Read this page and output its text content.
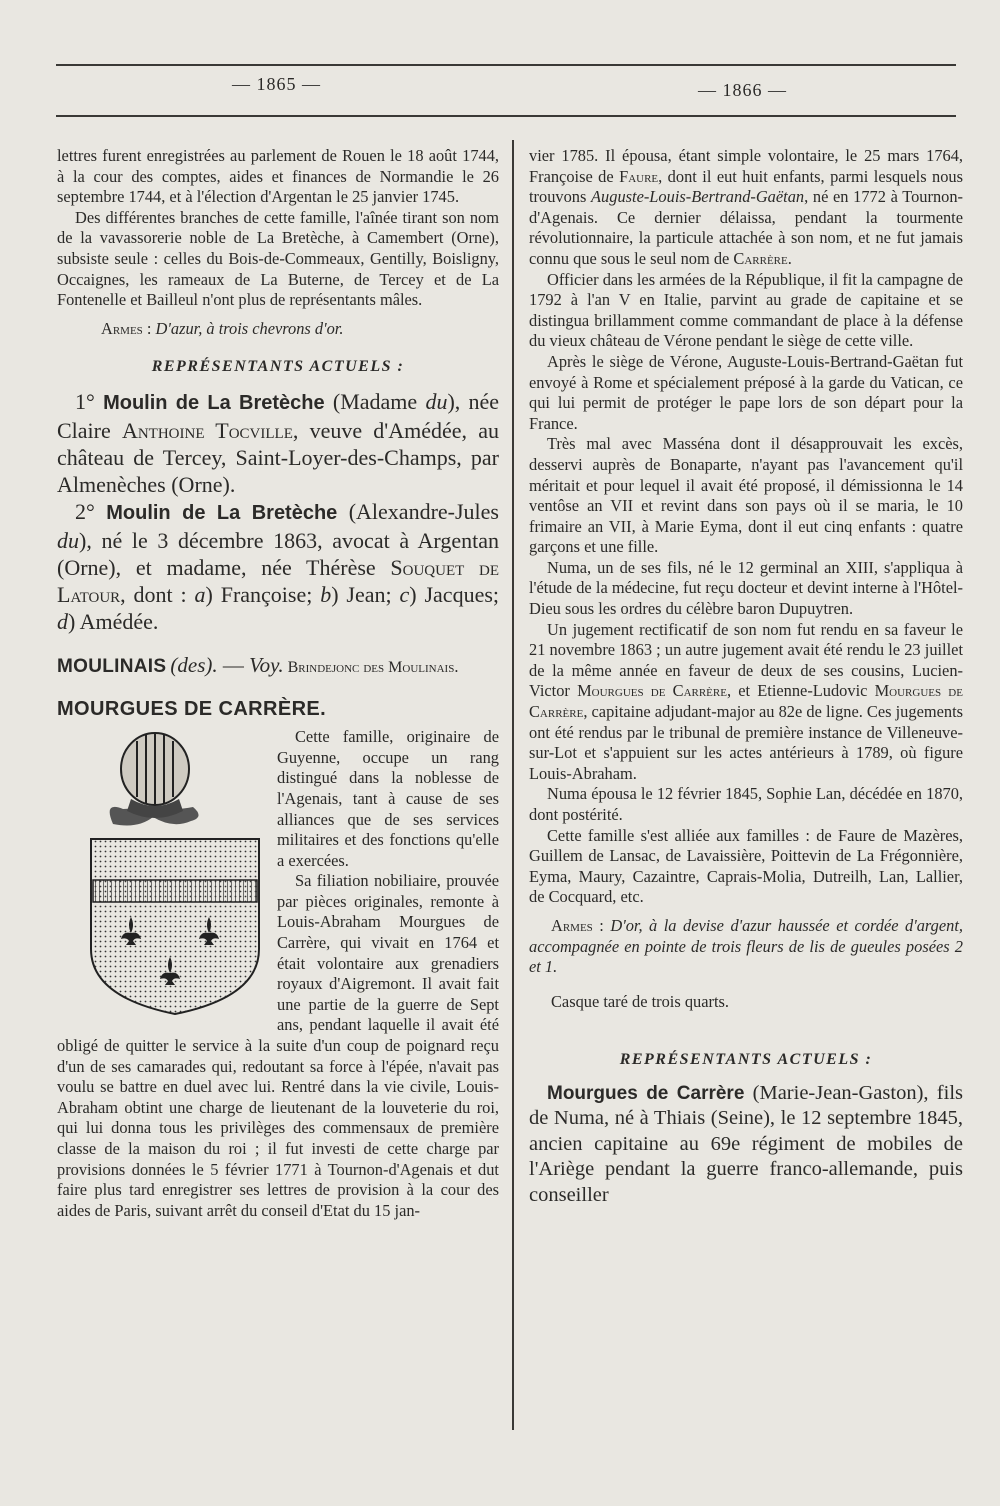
— 1865 —	— 1866 —

lettres furent enregistrées au parlement de Rouen le 18 août 1744, à la cour des comptes, aides et finances de Normandie le 26 septembre 1744, et à l'élection d'Argentan le 25 janvier 1745.

Des différentes branches de cette famille, l'aînée tirant son nom de la vavassorerie noble de La Bretèche, à Camembert (Orne), subsiste seule : celles du Bois-de-Commeaux, Gentilly, Boisligny, Occaignes, les rameaux de La Buterne, de Tercey et de La Fontenelle et Bailleul n'ont plus de représentants mâles.

Armes : D'azur, à trois chevrons d'or.

REPRÉSENTANTS ACTUELS :

1° Moulin de La Bretèche (Madame du), née Claire Anthoine Tocville, veuve d'Amédée, au château de Tercey, Saint-Loyer-des-Champs, par Almenèches (Orne).

2° Moulin de La Bretèche (Alexandre-Jules du), né le 3 décembre 1863, avocat à Argentan (Orne), et madame, née Thérèse Souquet de Latour, dont : a) Françoise; b) Jean; c) Jacques; d) Amédée.

MOULINAIS (des). — Voy. Brindejonc des Moulinais.

MOURGUES DE CARRÈRE.

Cette famille, originaire de Guyenne, occupe un rang distingué dans la noblesse de l'Agenais, tant à cause de ses alliances que de ses services militaires et des fonctions qu'elle a exercées.

Sa filiation nobiliaire, prouvée par pièces originales, remonte à Louis-Abraham Mourgues de Carrère, qui vivait en 1764 et était volontaire aux grenadiers royaux d'Aigremont. Il avait fait une partie de la guerre de Sept ans, pendant laquelle il avait été obligé de quitter le service à la suite d'un coup de poignard reçu d'un de ses camarades qui, redoutant sa force à l'épée, n'avait pas voulu se battre en duel avec lui. Rentré dans la vie civile, Louis-Abraham obtint une charge de lieutenant de la louveterie du roi, qui lui donna tous les privilèges des commensaux de première classe de la maison du roi ; il fut investi de cette charge par provisions données le 5 février 1771 à Tournon-d'Agenais et dut faire plus tard enregistrer ses lettres de provision à la cour des aides de Paris, suivant arrêt du conseil d'Etat du 15 jan-

vier 1785. Il épousa, étant simple volontaire, le 25 mars 1764, Françoise de Faure, dont il eut huit enfants, parmi lesquels nous trouvons Auguste-Louis-Bertrand-Gaëtan, né en 1772 à Tournon-d'Agenais. Ce dernier délaissa, pendant la tourmente révolutionnaire, la particule attachée à son nom, et ne fut jamais connu que sous le seul nom de Carrère.

Officier dans les armées de la République, il fit la campagne de 1792 à l'an V en Italie, parvint au grade de capitaine et se distingua brillamment comme commandant de place à la défense du vieux château de Vérone pendant le siège de cette ville.

Après le siège de Vérone, Auguste-Louis-Bertrand-Gaëtan fut envoyé à Rome et spécialement préposé à la garde du Vatican, ce qui lui permit de protéger le pape lors de son départ pour la France.

Très mal avec Masséna dont il désapprouvait les excès, desservi auprès de Bonaparte, n'ayant pas l'avancement qu'il méritait et pour lequel il avait été proposé, il démissionna le 14 ventôse an VII et revint dans son pays où il se maria, le 10 frimaire an VII, à Marie Eyma, dont il eut cinq enfants : quatre garçons et une fille.

Numa, un de ses fils, né le 12 germinal an XIII, s'appliqua à l'étude de la médecine, fut reçu docteur et devint interne à l'Hôtel-Dieu sous les ordres du célèbre baron Dupuytren.

Un jugement rectificatif de son nom fut rendu en sa faveur le 21 novembre 1863 ; un autre jugement avait été rendu le 23 juillet de la même année en faveur de deux de ses cousins, Lucien-Victor Mourgues de Carrère, et Etienne-Ludovic Mourgues de Carrère, capitaine adjudant-major au 82e de ligne. Ces jugements ont été rendus par le tribunal de première instance de Villeneuve-sur-Lot et s'appuient sur les actes antérieurs à 1789, où figure Louis-Abraham.

Numa épousa le 12 février 1845, Sophie Lan, décédée en 1870, dont postérité.

Cette famille s'est alliée aux familles : de Faure de Mazères, Guillem de Lansac, de Lavaissière, Poittevin de La Frégonnière, Eyma, Maury, Cazaintre, Caprais-Molia, Dutreilh, Lan, Lallier, de Cocquard, etc.

Armes : D'or, à la devise d'azur haussée et cordée d'argent, accompagnée en pointe de trois fleurs de lis de gueules posées 2 et 1.

Casque taré de trois quarts.

REPRÉSENTANTS ACTUELS :

Mourgues de Carrère (Marie-Jean-Gaston), fils de Numa, né à Thiais (Seine), le 12 septembre 1845, ancien capitaine au 69e régiment de mobiles de l'Ariège pendant la guerre franco-allemande, puis conseiller
